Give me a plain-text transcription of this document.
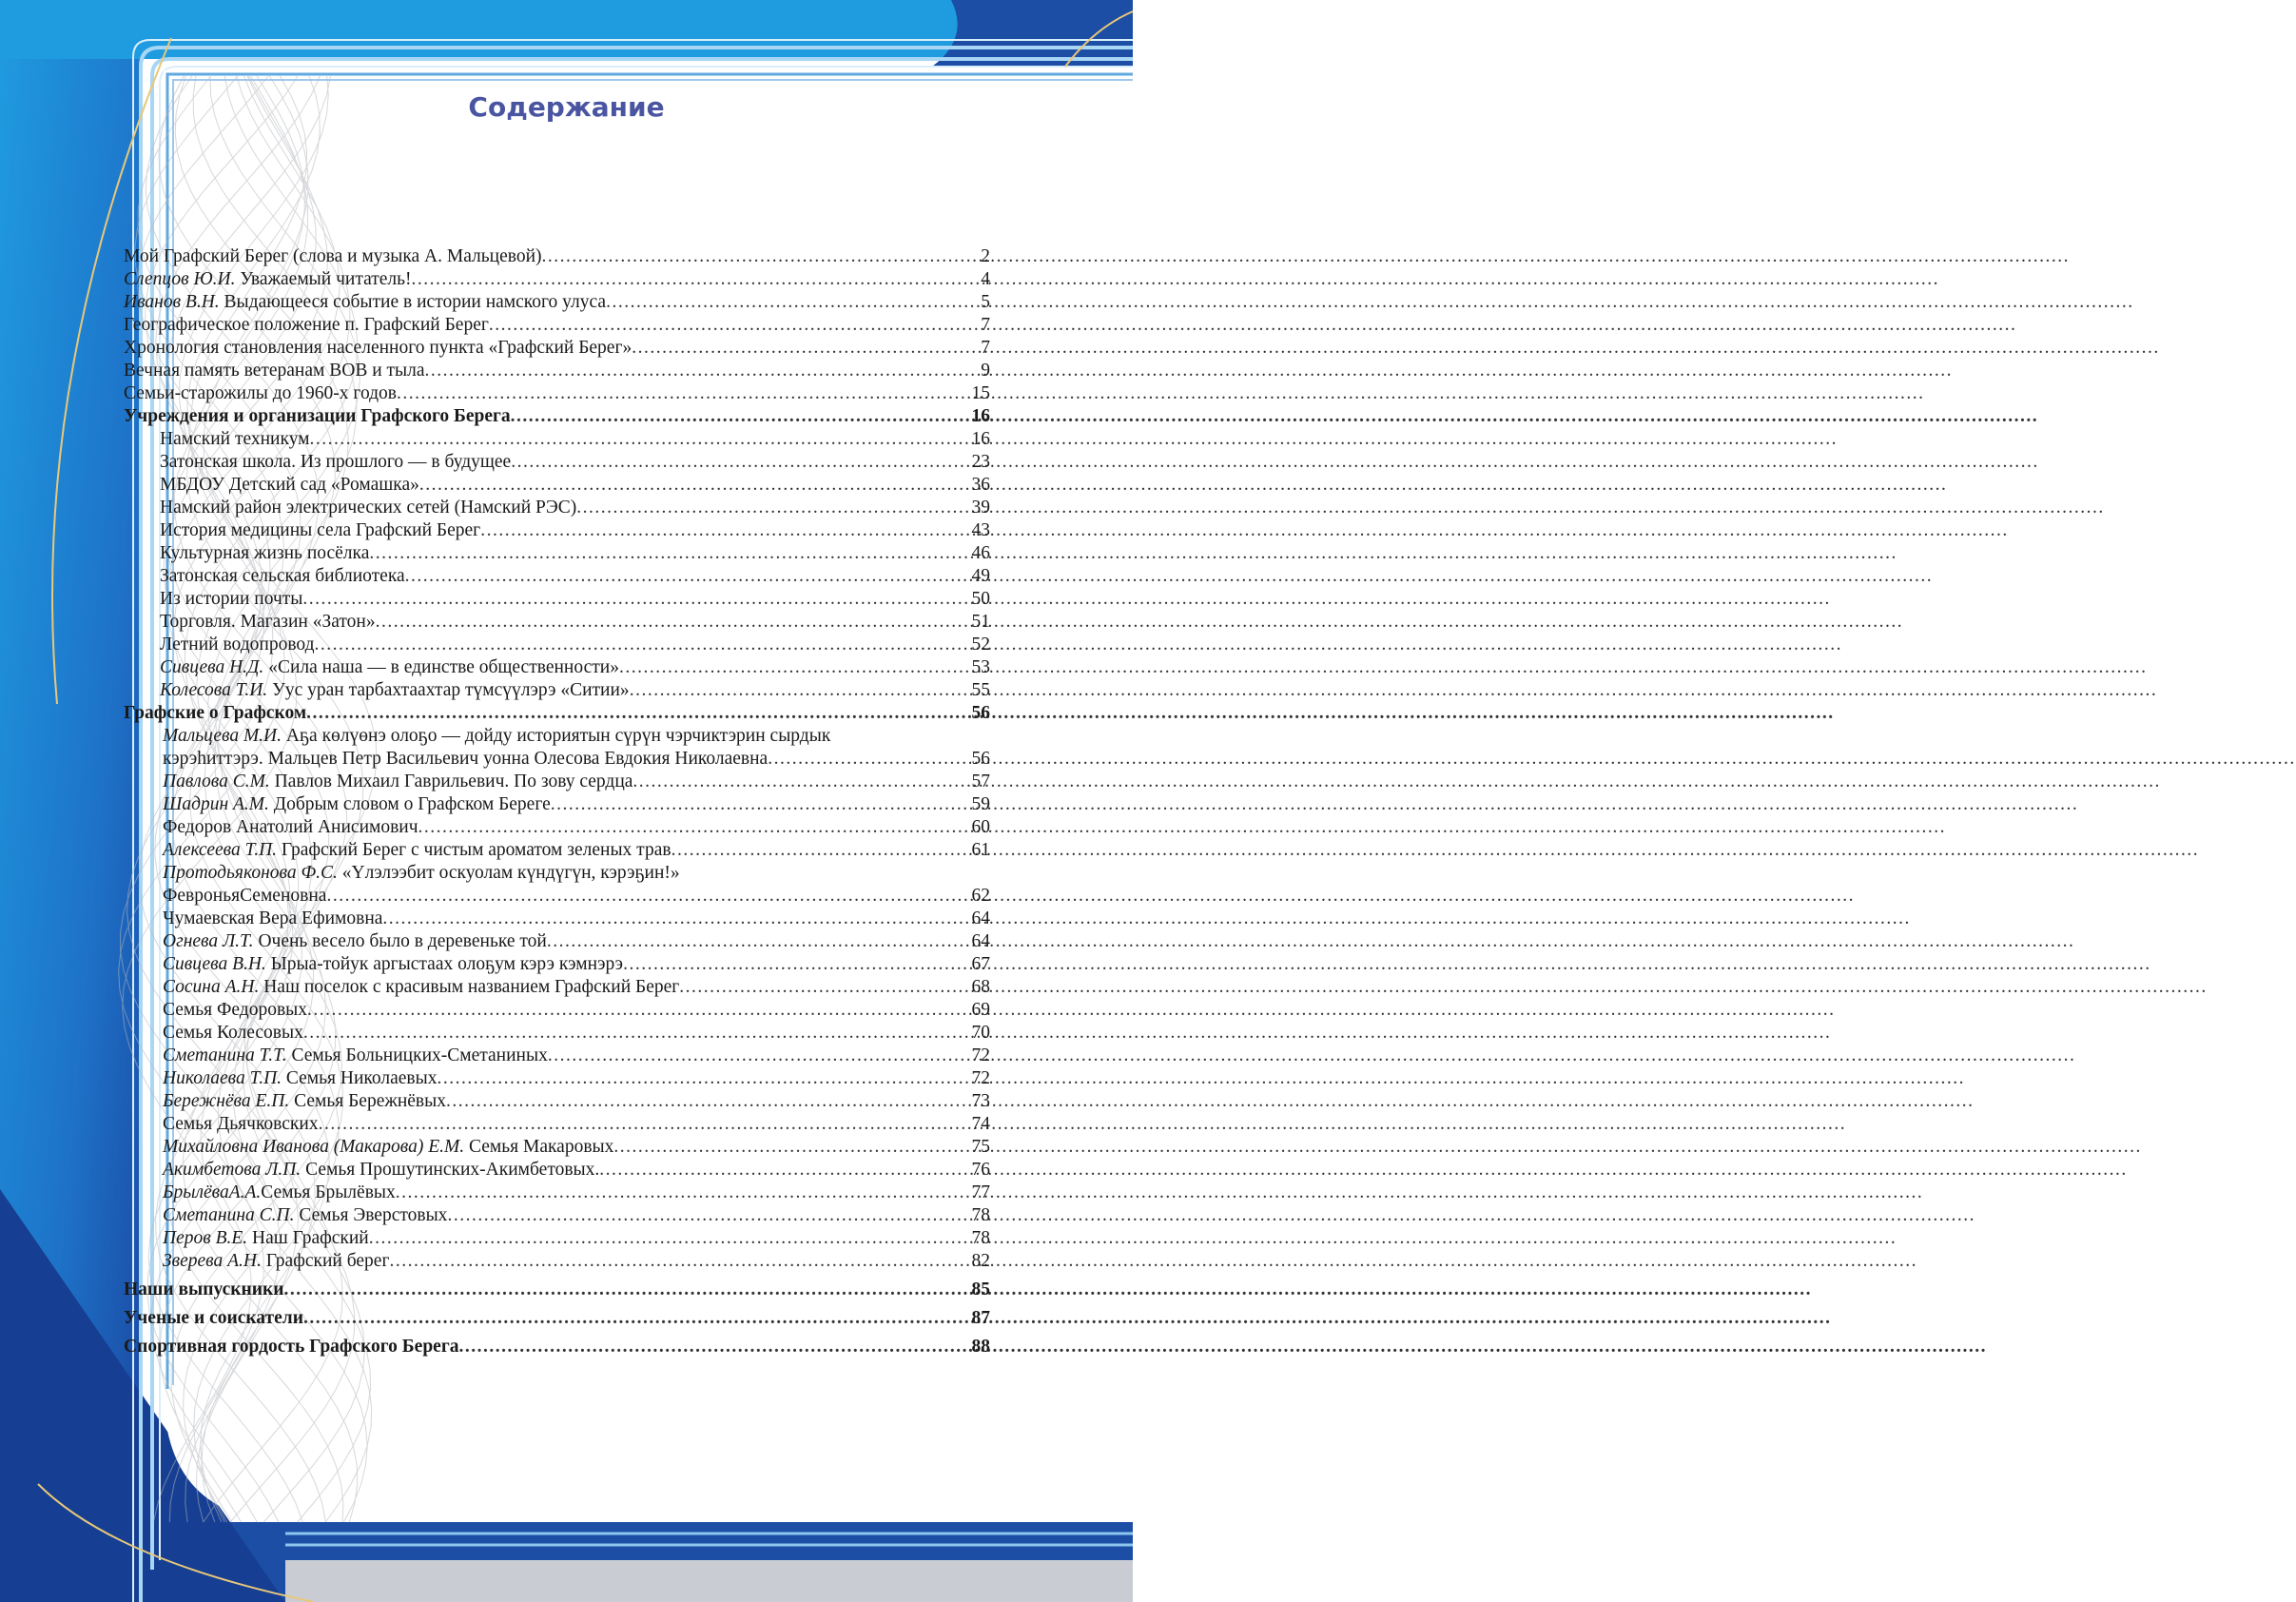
Содержание
Мой Графский Берег (слова и музыка А. Мальцевой) .....	2
Слепцов Ю.И. Уважаемый читатель! .....	4
Иванов В.Н. Выдающееся событие в истории намского улуса .....	5
Географическое положение п. Графский Берег .....	7
Хронология становления населенного пункта «Графский Берег» .....	7
Вечная память ветеранам ВОВ и тыла .....	9
Семьи-старожилы до 1960-х годов .....	15
Учреждения и организации Графского Берега .....	16
Намский техникум .....	16
Затонская школа. Из прошлого — в будущее .....	23
МБДОУ Детский сад «Ромашка» .....	36
Намский район электрических сетей (Намский РЭС) .....	39
История медицины села Графский Берег .....	43
Культурная жизнь посёлка .....	46
Затонская сельская библиотека .....	49
Из истории почты .....	50
Торговля. Магазин «Затон» .....	51
Летний водопровод .....	52
Сивцева Н.Д. «Сила наша — в единстве общественности» .....	53
Колесова Т.И. Уус уран тарбахтаахтар түмсүүлэрэ «Ситии» .....	55
Графские о Графском .....	56
Мальцева М.И. Аҕа көлүөнэ олоҕо — дойду историятын сүрүн чэрчиктэрин сырдык
кэрэhиттэрэ. Мальцев Петр Васильевич уонна Олесова Евдокия Николаевна .....	56
Павлова С.М. Павлов Михаил Гаврильевич. По зову сердца .....	57
Шадрин А.М. Добрым словом о Графском Береге .....	59
Федоров Анатолий Анисимович .....	60
Алексеева Т.П. Графский Берег с чистым ароматом зеленых трав .....	61
Протодьяконова Ф.С. «Үлэлээбит оскуолам күндүгүн, кэрэҕин!»
ФевроньяСеменовна .....	62
Чумаевская Вера Ефимовна .....	64
Огнева Л.Т. Очень весело было в деревеньке той .....	64
Сивцева В.Н. Ырыа-тойук аргыстаах олоҕум кэрэ кэмнэрэ .....	67
Сосина А.Н. Наш поселок с красивым названием Графский Берег .....	68
Семья Федоровых .....	69
Семья Колесовых .....	70
Сметанина Т.Т. Семья Больницких-Сметаниных .....	72
Николаева Т.П. Семья Николаевых .....	72
Бережнёва Е.П. Семья Бережнёвых .....	73
Семья Дьячковских .....	74
Михайловна Иванова (Макарова) Е.М. Семья Макаровых .....	75
Акимбетова Л.П. Семья Прошутинских-Акимбетовых. .....	76
БрылёваА.А.Семья Брылёвых .....	77
Сметанина С.П. Семья Эверстовых .....	78
Перов В.Е. Наш Графский .....	78
Зверева А.Н. Графский берег .....	82
Наши выпускники .....	85
Ученые и соискатели .....	87
Спортивная гордость Графского Берега .....	88
